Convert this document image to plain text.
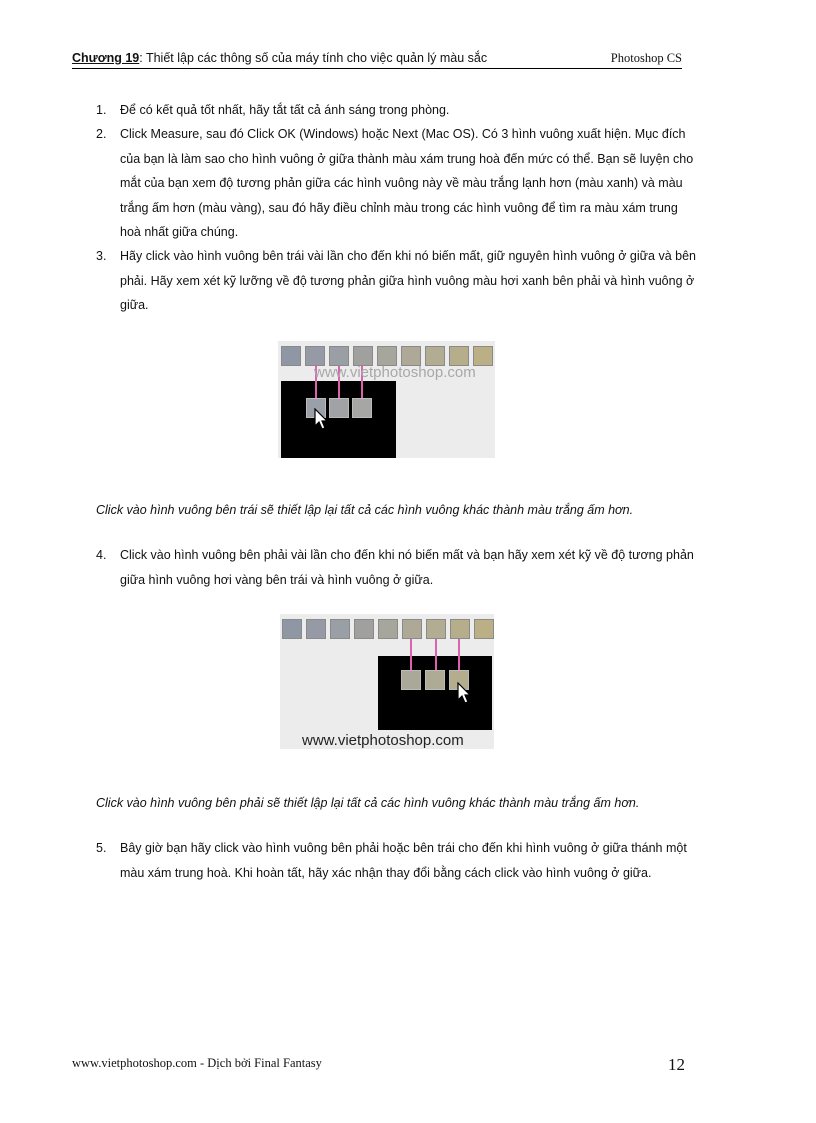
Chương 19: Thiết lập các thông số của máy tính cho việc quản lý màu sắc	Photoshop CS
1.	Để có kết quả tốt nhất, hãy tắt tất cả ánh sáng trong phòng.
2.	Click Measure, sau đó Click OK (Windows) hoặc Next (Mac OS). Có 3 hình vuông xuất hiện. Mục đích của bạn là làm sao cho hình vuông ở giữa thành màu xám trung hoà đến mức có thể. Bạn sẽ luyện cho mắt của bạn xem độ tương phản giữa các hình vuông này về màu trắng lạnh hơn (màu xanh) và màu trắng ấm hơn (màu vàng), sau đó hãy điều chỉnh màu trong các hình vuông để tìm ra màu xám trung hoà nhất giữa chúng.
3.	Hãy click vào hình vuông bên trái vài lần cho đến khi nó biến mất, giữ nguyên hình vuông ở giữa và bên phải. Hãy xem xét kỹ lưỡng về độ tương phản giữa hình vuông màu hơi xanh bên phải và hình vuông ở giữa.
www.vietphotoshop.com
Click vào hình vuông bên trái sẽ thiết lập lại tất cả các hình vuông khác thành màu trắng ấm hơn.
4.	Click vào hình vuông bên phải vài lần cho đến khi nó biến mất và bạn hãy xem xét kỹ về độ tương phản giữa hình vuông hơi vàng bên trái và hình vuông ở giữa.
www.vietphotoshop.com
Click vào hình vuông bên phải sẽ thiết lập lại tất cả các hình vuông khác thành màu trắng ấm hơn.
5.	Bây giờ bạn hãy click vào hình vuông bên phải hoặc bên trái cho đến khi hình vuông ở giữa thánh một màu xám trung hoà. Khi hoàn tất, hãy xác nhận thay đổi bằng cách click vào hình vuông ở giữa.
www.vietphotoshop.com - Dịch bởi Final Fantasy	12
